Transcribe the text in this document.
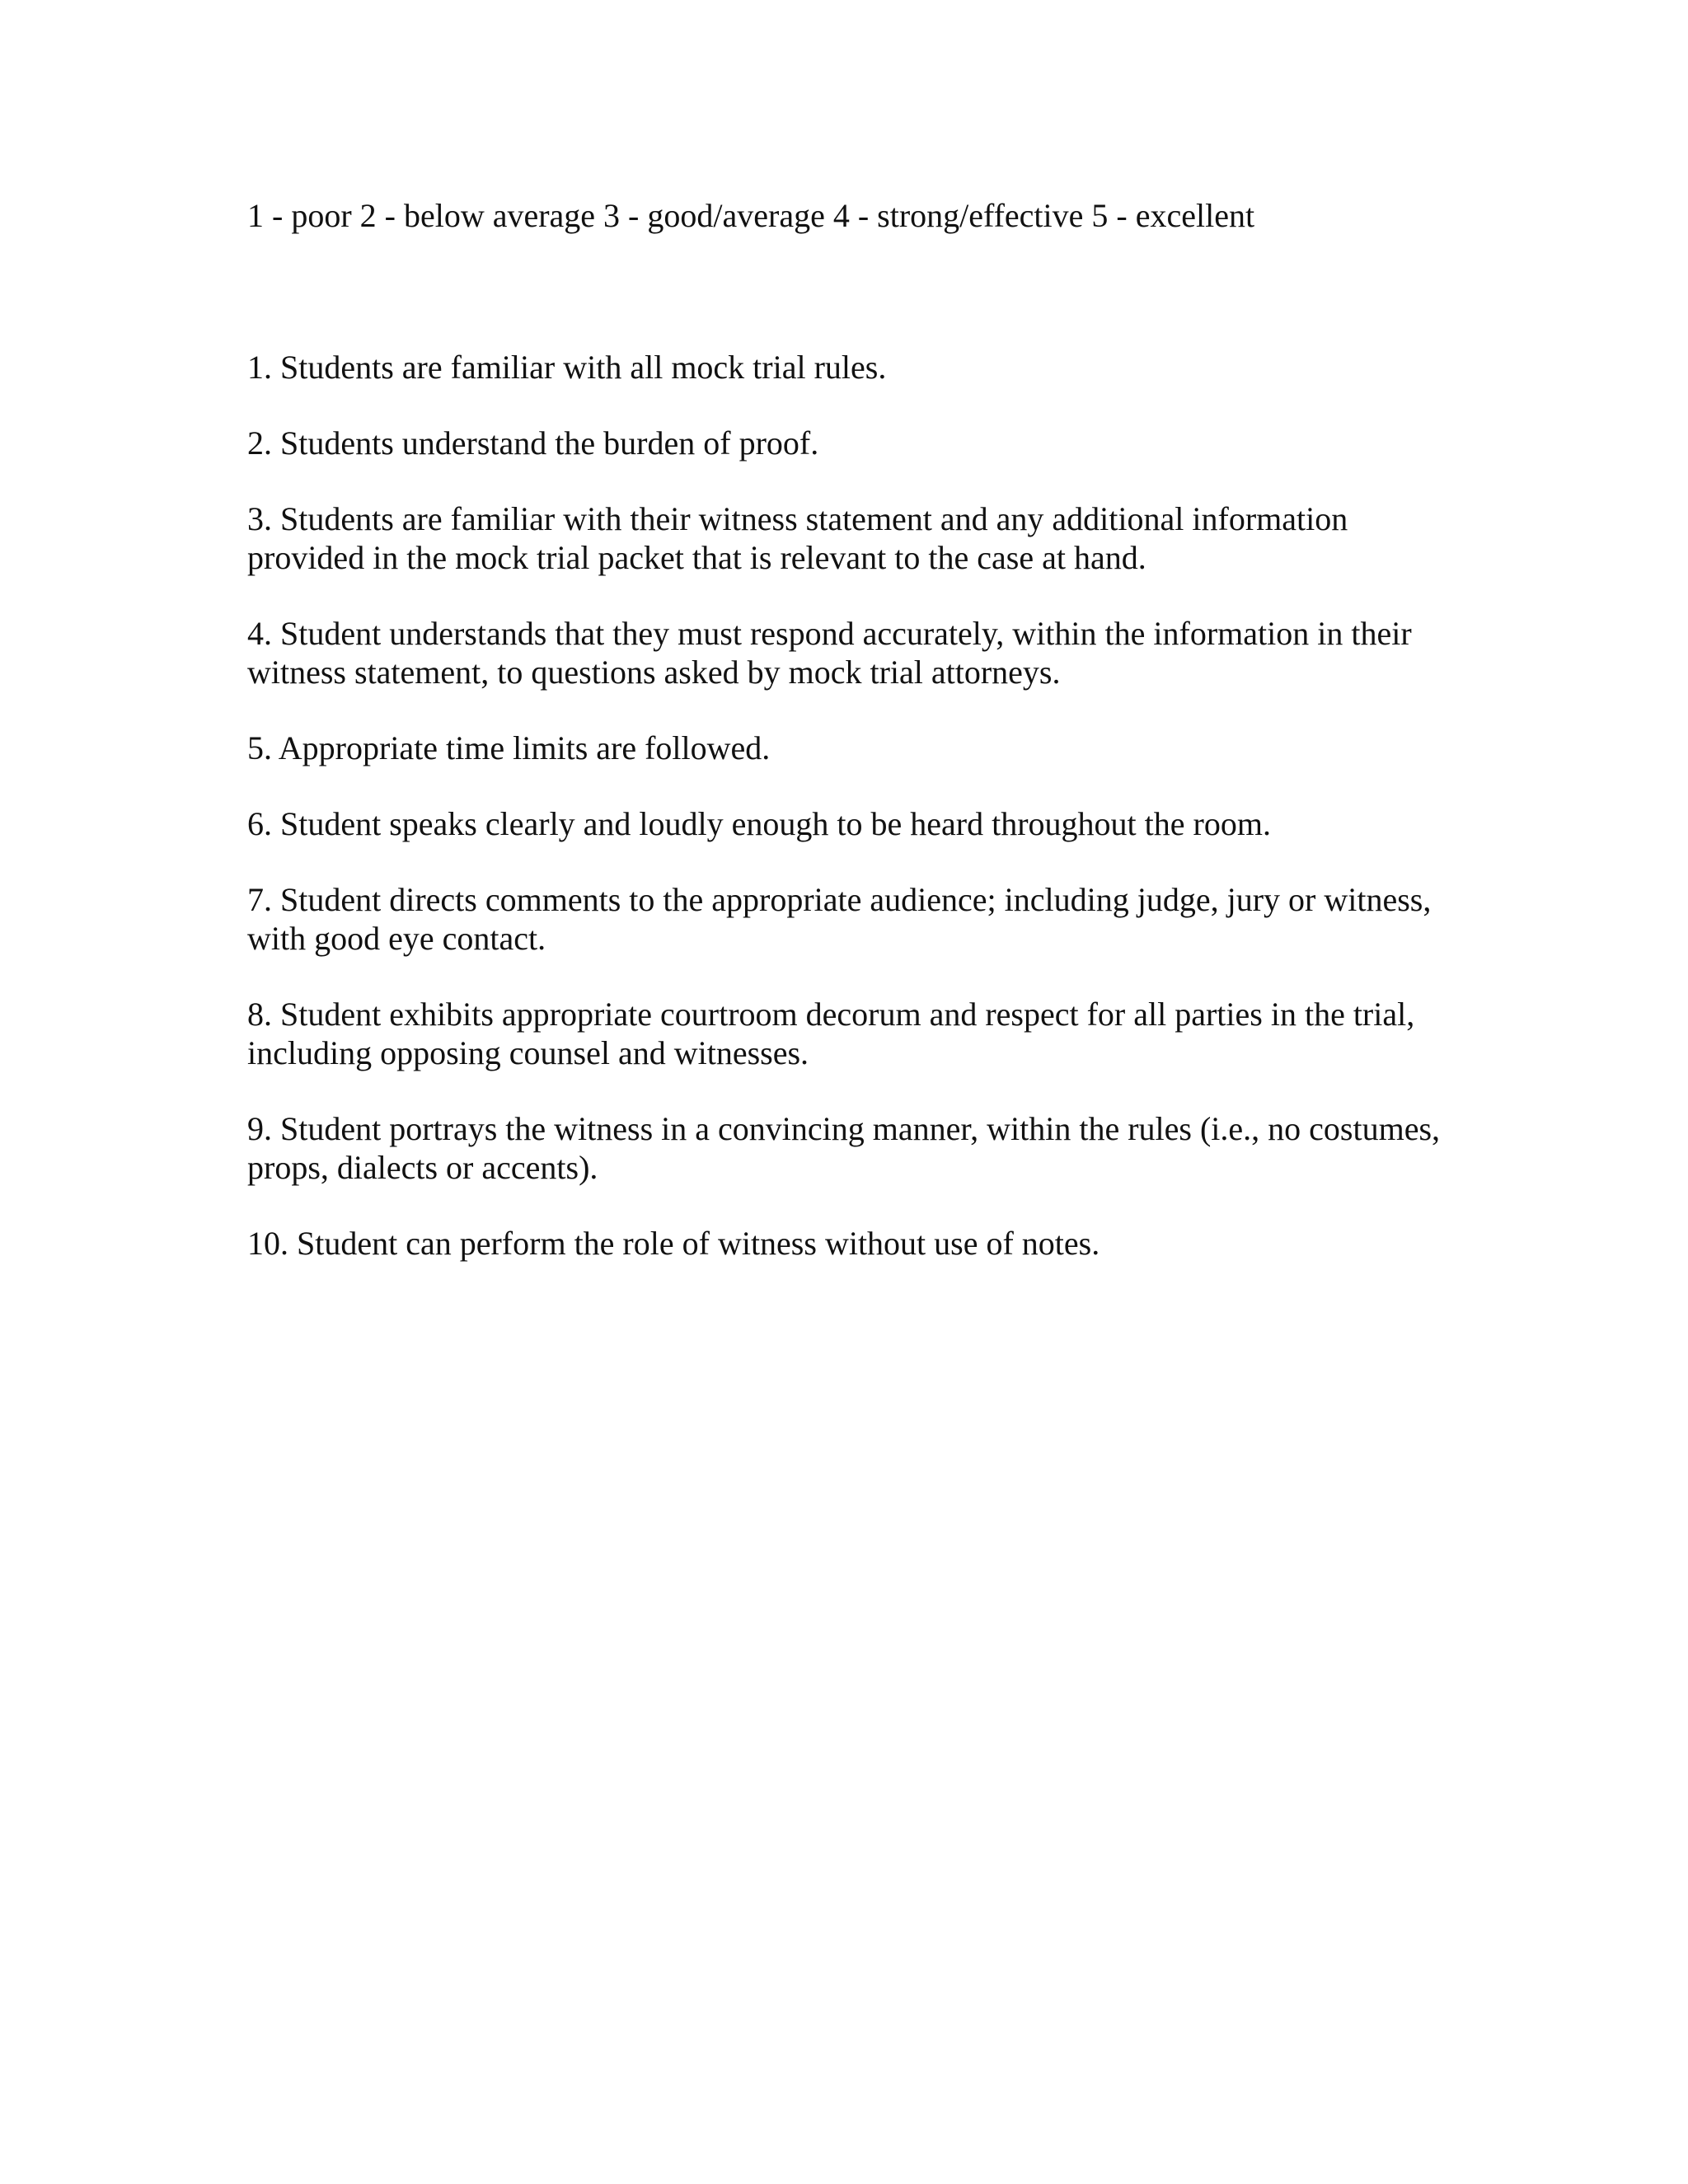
1 - poor 2 - below average 3 - good/average 4 - strong/effective 5 - excellent
1. Students are familiar with all mock trial rules.
2. Students understand the burden of proof.
3. Students are familiar with their witness statement and any additional information provided in the mock trial packet that is relevant to the case at hand.
4. Student understands that they must respond accurately, within the information in their witness statement, to questions asked by mock trial attorneys.
5. Appropriate time limits are followed.
6. Student speaks clearly and loudly enough to be heard throughout the room.
7. Student directs comments to the appropriate audience; including judge, jury or witness, with good eye contact.
8. Student exhibits appropriate courtroom decorum and respect for all parties in the trial, including opposing counsel and witnesses.
9. Student portrays the witness in a convincing manner, within the rules (i.e., no costumes, props, dialects or accents).
10. Student can perform the role of witness without use of notes.
